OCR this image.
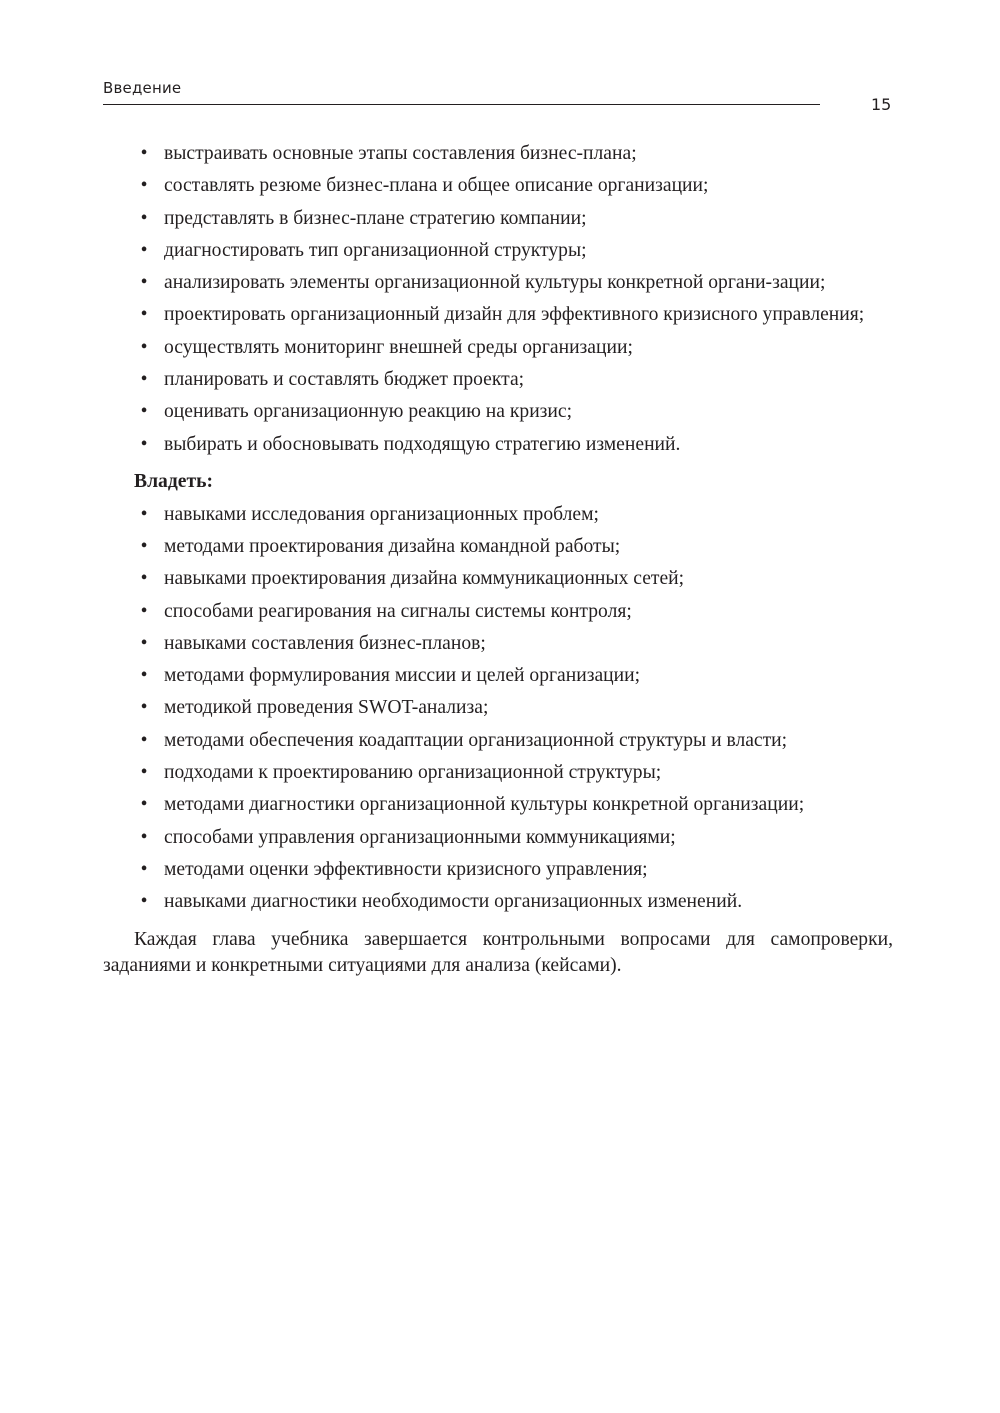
Введение
15
• выстраивать основные этапы составления бизнес-плана;
• составлять резюме бизнес-плана и общее описание организации;
• представлять в бизнес-плане стратегию компании;
• диагностировать тип организационной структуры;
• анализировать элементы организационной культуры конкретной органи-зации;
• проектировать организационный дизайн для эффективного кризисного управления;
• осуществлять мониторинг внешней среды организации;
• планировать и составлять бюджет проекта;
• оценивать организационную реакцию на кризис;
• выбирать и обосновывать подходящую стратегию изменений.
Владеть:
• навыками исследования организационных проблем;
• методами проектирования дизайна командной работы;
• навыками проектирования дизайна коммуникационных сетей;
• способами реагирования на сигналы системы контроля;
• навыками составления бизнес-планов;
• методами формулирования миссии и целей организации;
• методикой проведения SWOT-анализа;
• методами обеспечения коадаптации организационной структуры и власти;
• подходами к проектированию организационной структуры;
• методами диагностики организационной культуры конкретной организации;
• способами управления организационными коммуникациями;
• методами оценки эффективности кризисного управления;
• навыками диагностики необходимости организационных изменений.

Каждая глава учебника завершается контрольными вопросами для самопроверки, заданиями и конкретными ситуациями для анализа (кейсами).
